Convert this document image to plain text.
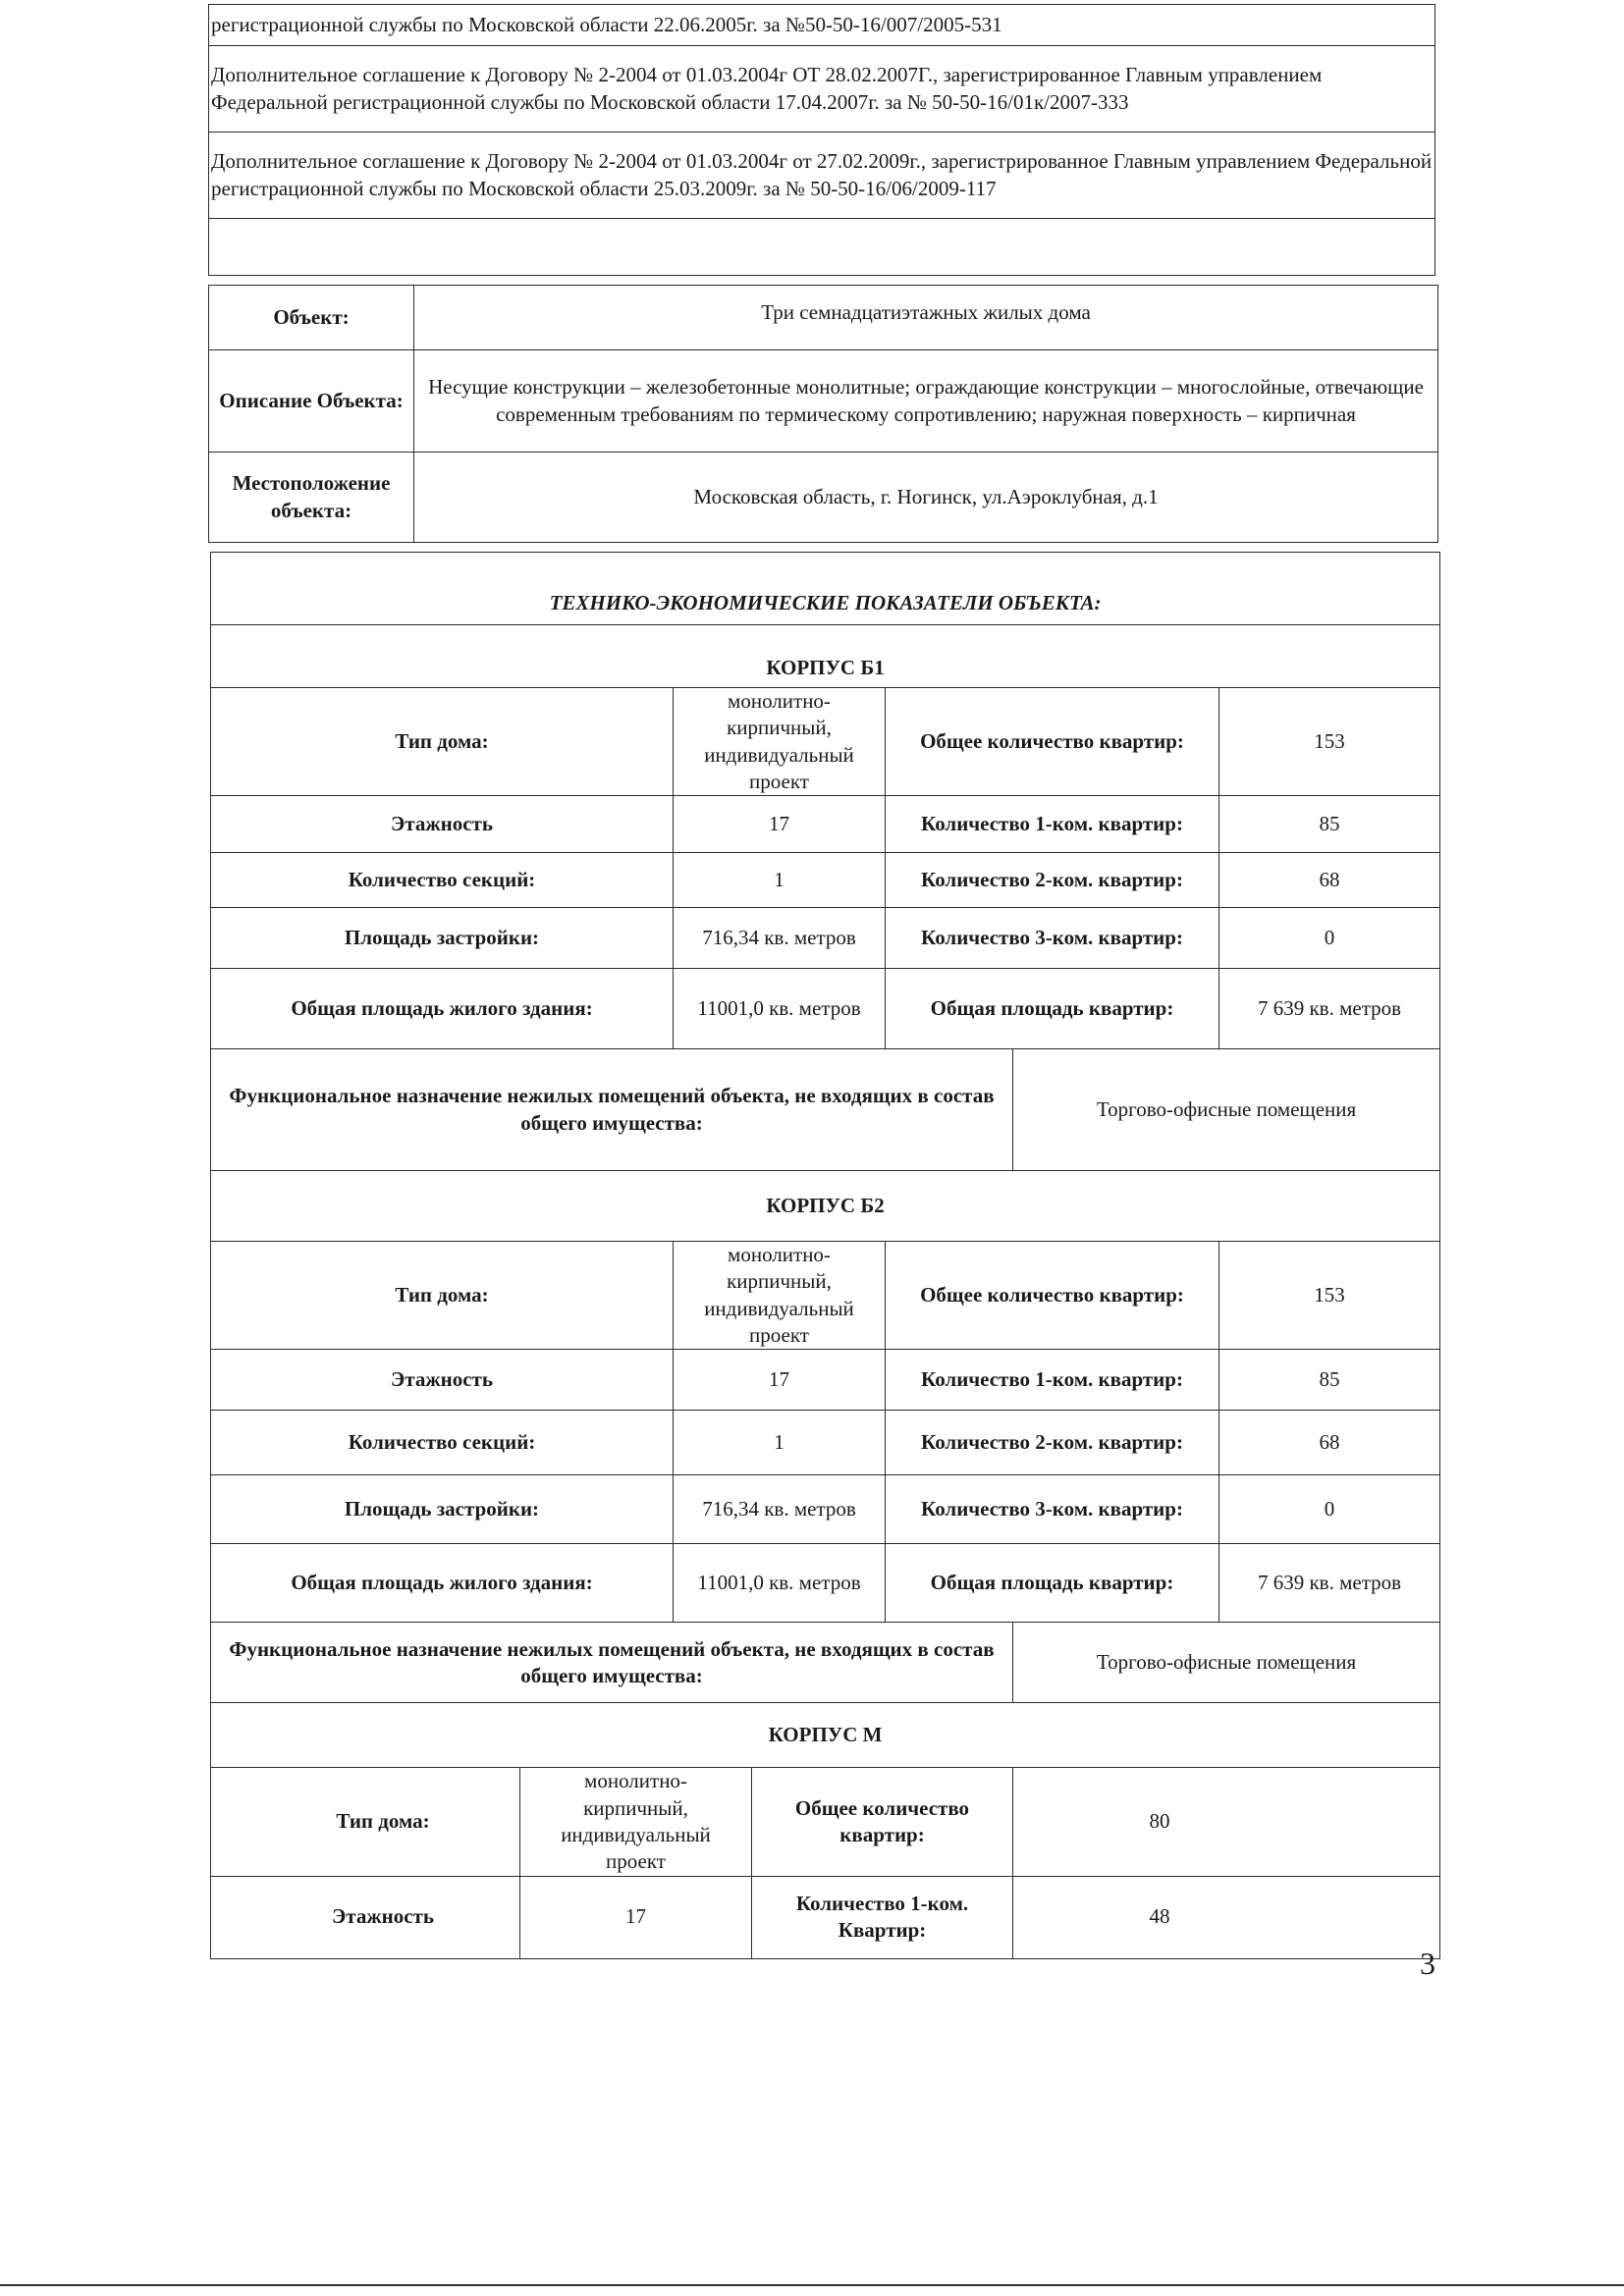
регистрационной службы по Московской области 22.06.2005г. за №50-50-16/007/2005-531
Дополнительное соглашение к Договору № 2-2004 от 01.03.2004г ОТ 28.02.2007Г., зарегистрированное Главным управлением Федеральной регистрационной службы по Московской области 17.04.2007г. за № 50-50-16/01к/2007-333
Дополнительное соглашение к Договору № 2-2004 от 01.03.2004г от 27.02.2009г., зарегистрированное Главным управлением Федеральной регистрационной службы по Московской области 25.03.2009г. за № 50-50-16/06/2009-117

Объект:	Три семнадцатиэтажных жилых дома
Описание Объекта:	Несущие конструкции – железобетонные монолитные; ограждающие конструкции – многослойные, отвечающие современным требованиям по термическому сопротивлению; наружная поверхность – кирпичная
Местоположение объекта:	Московская область, г. Ногинск, ул.Аэроклубная, д.1
ТЕХНИКО-ЭКОНОМИЧЕСКИЕ ПОКАЗАТЕЛИ ОБЪЕКТА:						
КОРПУС Б1						
Тип дома:		монолитно-кирпичный, индивидуальный проект		Общее количество квартир:		153
Этажность		17		Количество 1-ком. квартир:		85
Количество секций:		1		Количество 2-ком. квартир:		68
Площадь застройки:		716,34 кв. метров		Количество 3-ком. квартир:		0
Общая площадь жилого здания:		11001,0 кв. метров		Общая площадь квартир:		7 639 кв. метров
Функциональное назначение нежилых помещений объекта, не входящих в состав общего имущества:					Торгово-офисные помещения	
КОРПУС Б2						
Тип дома:		монолитно-кирпичный, индивидуальный проект		Общее количество квартир:		153
Этажность		17		Количество 1-ком. квартир:		85
Количество секций:		1		Количество 2-ком. квартир:		68
Площадь застройки:		716,34 кв. метров		Количество 3-ком. квартир:		0
Общая площадь жилого здания:		11001,0 кв. метров		Общая площадь квартир:		7 639 кв. метров
Функциональное назначение нежилых помещений объекта, не входящих в состав общего имущества:					Торгово-офисные помещения	
КОРПУС М						
Тип дома:	монолитно-кирпичный, индивидуальный проект		Общее количество квартир:		80	
Этажность	17		Количество 1-ком. Квартир:		48	
3
